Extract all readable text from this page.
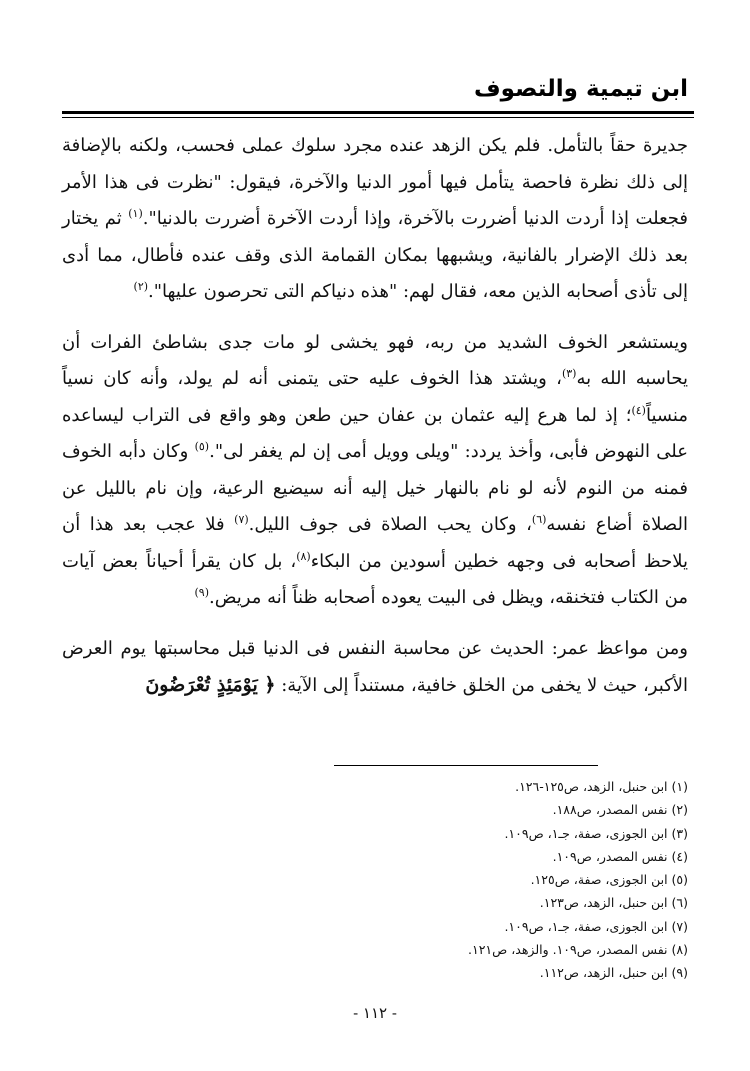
ابن تيمية والتصوف

جديرة حقاً بالتأمل. فلم يكن الزهد عنده مجرد سلوك عملى فحسب، ولكنه بالإضافة إلى ذلك نظرة فاحصة يتأمل فيها أمور الدنيا والآخرة، فيقول: "نظرت فى هذا الأمر فجعلت إذا أردت الدنيا أضررت بالآخرة، وإذا أردت الآخرة أضررت بالدنيا".$^{(١)}$ ثم يختار بعد ذلك الإضرار بالفانية، ويشبهها بمكان القمامة الذى وقف عنده فأطال، مما أدى إلى تأذى أصحابه الذين معه، فقال لهم: "هذه دنياكم التى تحرصون عليها".$^{(٢)}$

ويستشعر الخوف الشديد من ربه، فهو يخشى لو مات جدى بشاطئ الفرات أن يحاسبه الله به$^{(٣)}$، ويشتد هذا الخوف عليه حتى يتمنى أنه لم يولد، وأنه كان نسياً منسياً$^{(٤)}$؛ إذ لما هرع إليه عثمان بن عفان حين طعن وهو واقع فى التراب ليساعده على النهوض فأبى، وأخذ يردد: "ويلى وويل أمى إن لم يغفر لى".$^{(٥)}$ وكان دأبه الخوف فمنه من النوم لأنه لو نام بالنهار خيل إليه أنه سيضيع الرعية، وإن نام بالليل عن الصلاة أضاع نفسه$^{(٦)}$، وكان يحب الصلاة فى جوف الليل.$^{(٧)}$ فلا عجب بعد هذا أن يلاحظ أصحابه فى وجهه خطين أسودين من البكاء$^{(٨)}$، بل كان يقرأ أحياناً بعض آيات من الكتاب فتخنقه، ويظل فى البيت يعوده أصحابه ظناً أنه مريض.$^{(٩)}$

ومن مواعظ عمر: الحديث عن محاسبة النفس فى الدنيا قبل محاسبتها يوم العرض الأكبر، حيث لا يخفى من الخلق خافية، مستنداً إلى الآية: ﴿ يَوْمَئِذٍ تُعْرَضُونَ

(١) ابن حنبل، الزهد، ص١٢٥-١٢٦.
(٢) نفس المصدر، ص١٨٨.
(٣) ابن الجوزى، صفة، جـ١، ص١٠٩.
(٤) نفس المصدر، ص١٠٩.
(٥) ابن الجوزى، صفة، ص١٢٥.
(٦) ابن حنبل، الزهد، ص١٢٣.
(٧) ابن الجوزى، صفة، جـ١، ص١٠٩.
(٨) نفس المصدر، ص١٠٩. والزهد، ص١٢١.
(٩) ابن حنبل، الزهد، ص١١٢.
- ١١٢ -
